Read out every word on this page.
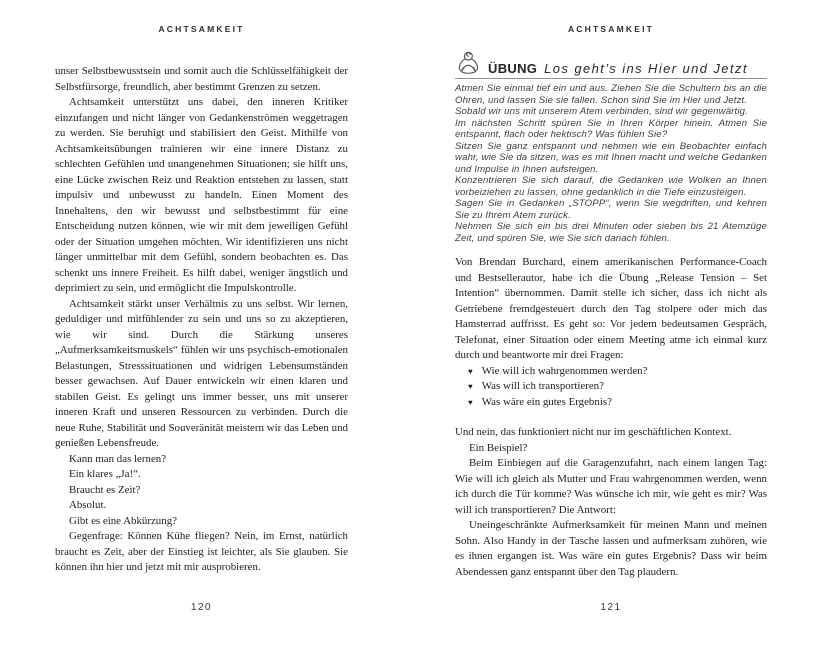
ACHTSAMKEIT

unser Selbstbewusstsein und somit auch die Schlüsselfähigkeit der Selbstfürsorge, freundlich, aber bestimmt Grenzen zu setzen.

Achtsamkeit unterstützt uns dabei, den inneren Kritiker einzufangen und nicht länger von Gedankenströmen weggetragen zu werden. Sie beruhigt und stabilisiert den Geist. Mithilfe von Achtsamkeitsübungen trainieren wir eine innere Distanz zu schlechten Gefühlen und unangenehmen Situationen; sie hilft uns, eine Lücke zwischen Reiz und Reaktion entstehen zu lassen, statt impulsiv und unbewusst zu handeln. Einen Moment des Innehaltens, den wir bewusst und selbstbestimmt für eine Entscheidung nutzen können, wie wir mit dem jeweiligen Gefühl oder der Situation umgehen möchten. Wir identifizieren uns nicht länger unmittelbar mit dem Gefühl, sondern beobachten es. Das schenkt uns innere Freiheit. Es hilft dabei, weniger ängstlich und deprimiert zu sein, und ermöglicht die Impulskontrolle.

Achtsamkeit stärkt unser Verhältnis zu uns selbst. Wir lernen, geduldiger und mitfühlender zu sein und uns so zu akzeptieren, wie wir sind. Durch die Stärkung unseres „Aufmerksamkeitsmuskels“ fühlen wir uns psychisch-emotionalen Belastungen, Stresssituationen und widrigen Lebensumständen besser gewachsen. Auf Dauer entwickeln wir einen klaren und stabilen Geist. Es gelingt uns immer besser, uns mit unserer inneren Kraft und unseren Ressourcen zu verbinden. Durch die neue Ruhe, Stabilität und Souveränität meistern wir das Leben und genießen Lebensfreude.

Kann man das lernen?

Ein klares „Ja!“.

Braucht es Zeit?

Absolut.

Gibt es eine Abkürzung?

Gegenfrage: Können Kühe fliegen? Nein, im Ernst, natürlich braucht es Zeit, aber der Einstieg ist leichter, als Sie glauben. Sie können ihn hier und jetzt mit mir ausprobieren.

120
ACHTSAMKEIT
ÜBUNG Los geht’s ins Hier und Jetzt

Atmen Sie einmal tief ein und aus. Ziehen Sie die Schultern bis an die Ohren, und lassen Sie sie fallen. Schon sind Sie im Hier und Jetzt.

Sobald wir uns mit unserem Atem verbinden, sind wir gegenwärtig.

Im nächsten Schritt spüren Sie in Ihren Körper hinein. Atmen Sie entspannt, flach oder hektisch? Was fühlen Sie?

Sitzen Sie ganz entspannt und nehmen wie ein Beobachter einfach wahr, wie Sie da sitzen, was es mit Ihnen macht und welche Gedanken und Impulse in Ihnen aufsteigen.

Konzentrieren Sie sich darauf, die Gedanken wie Wolken an Ihnen vorbeiziehen zu lassen, ohne gedanklich in die Tiefe einzusteigen.

Sagen Sie in Gedanken „STOPP“, wenn Sie wegdriften, und kehren Sie zu Ihrem Atem zurück.

Nehmen Sie sich ein bis drei Minuten oder sieben bis 21 Atemzüge Zeit, und spüren Sie, wie Sie sich danach fühlen.

Von Brendan Burchard, einem amerikanischen Performance-Coach und Bestsellerautor, habe ich die Übung „Release Tension – Set Intention“ übernommen. Damit stelle ich sicher, dass ich nicht als Getriebene fremdgesteuert durch den Tag stolpere oder mich das Hamsterrad auffrisst. Es geht so: Vor jedem bedeutsamen Gespräch, Telefonat, einer Situation oder einem Meeting atme ich einmal kurz durch und beantworte mir drei Fragen:

♥ Wie will ich wahrgenommen werden?
♥ Was will ich transportieren?
♥ Was wäre ein gutes Ergebnis?

Und nein, das funktioniert nicht nur im geschäftlichen Kontext.

Ein Beispiel?

Beim Einbiegen auf die Garagenzufahrt, nach einem langen Tag: Wie will ich gleich als Mutter und Frau wahrgenommen werden, wenn ich durch die Tür komme? Was wünsche ich mir, wie geht es mir? Was will ich transportieren? Die Antwort:

Uneingeschränkte Aufmerksamkeit für meinen Mann und meinen Sohn. Also Handy in der Tasche lassen und aufmerksam zuhören, wie es ihnen ergangen ist. Was wäre ein gutes Ergebnis? Dass wir beim Abendessen ganz entspannt über den Tag plaudern.

121
